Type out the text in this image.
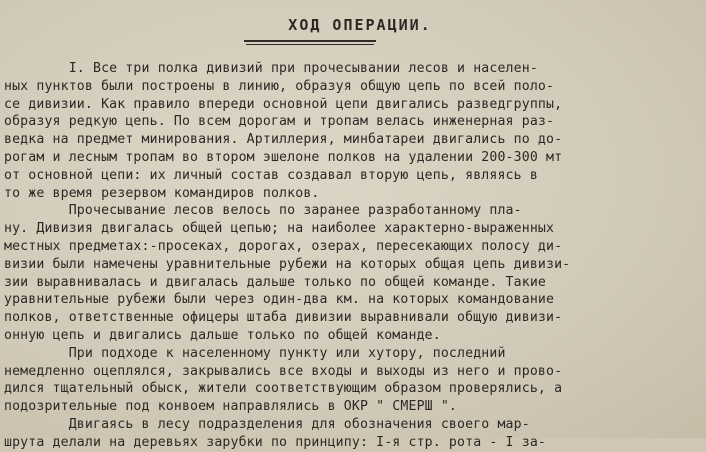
ХОД ОПЕРАЦИИ.
I. Все три полка дивизий при прочесывании лесов и населен-
ных пунктов были построены в линию, образуя общую цепь по всей поло-
се дивизии. Как правило впереди основной цепи двигались разведгруппы,
образуя редкую цепь. По всем дорогам и тропам велась инженерная раз-
ведка на предмет минирования. Артиллерия, минбатареи двигались по до-
рогам и лесным тропам во втором эшелоне полков на удалении 200-300 мт
от основной цепи: их личный состав создавал вторую цепь, являясь в
то же время резервом командиров полков.
Прочесывание лесов велось по заранее разработанному пла-
ну. Дивизия двигалась общей цепью; на наиболее характерно-выраженных
местных предметах:-просеках, дорогах, озерах, пересекающих полосу ди-
визии были намечены уравнительные рубежи на которых общая цепь дивизи-
зии выравнивалась и двигалась дальше только по общей команде. Такие
уравнительные рубежи были через один-два км. на которых командование
полков, ответственные офицеры штаба дивизии выравнивали общую дивизи-
онную цепь и двигались дальше только по общей команде.
При подходе к населенному пункту или хутору, последний
немедленно оцеплялся, закрывались все входы и выходы из него и прово-
дился тщательный обыск, жители соответствующим образом проверялись, а
подозрительные под конвоем направлялись в ОКР " СМЕРШ ".
Двигаясь в лесу подразделения для обозначения своего мар-
шрута делали на деревьях зарубки по принципу: I-я стр. рота - I за-
